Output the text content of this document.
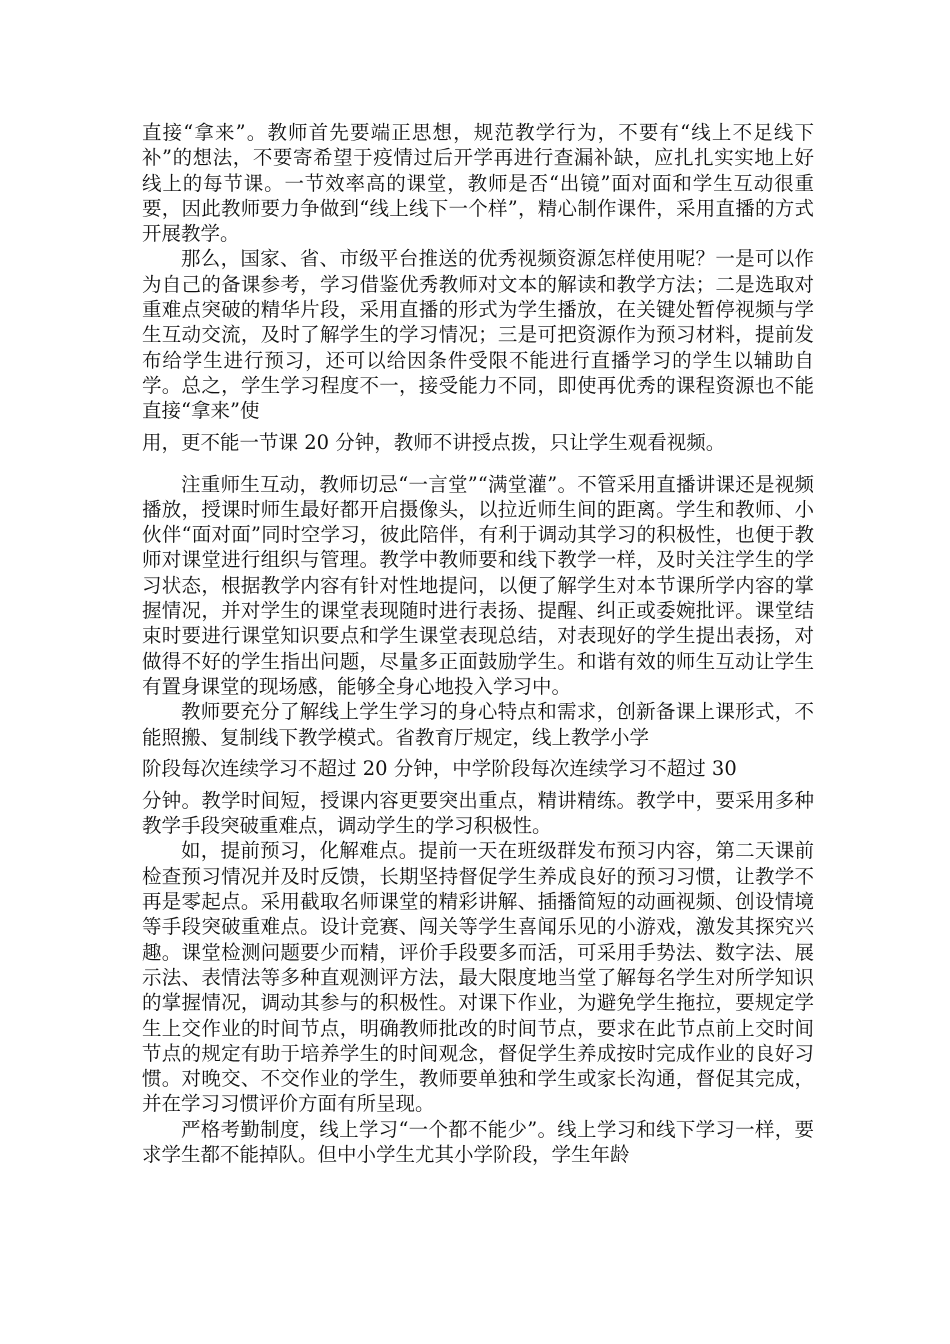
直接“拿来”。教师首先要端正思想，规范教学行为，不要有“线上不足线下补”的想法，不要寄希望于疫情过后开学再进行查漏补缺，应扎扎实实地上好线上的每节课。一节效率高的课堂，教师是否“出镜”面对面和学生互动很重要，因此教师要力争做到“线上线下一个样”，精心制作课件，采用直播的方式开展教学。

那么，国家、省、市级平台推送的优秀视频资源怎样使用呢？一是可以作为自己的备课参考，学习借鉴优秀教师对文本的解读和教学方法；二是选取对重难点突破的精华片段，采用直播的形式为学生播放，在关键处暂停视频与学生互动交流，及时了解学生的学习情况；三是可把资源作为预习材料，提前发布给学生进行预习，还可以给因条件受限不能进行直播学习的学生以辅助自学。总之，学生学习程度不一，接受能力不同，即使再优秀的课程资源也不能直接“拿来”使

用，更不能一节课 20 分钟，教师不讲授点拨，只让学生观看视频。

注重师生互动，教师切忌“一言堂”“满堂灌”。不管采用直播讲课还是视频播放，授课时师生最好都开启摄像头，以拉近师生间的距离。学生和教师、小伙伴“面对面”同时空学习，彼此陪伴，有利于调动其学习的积极性，也便于教师对课堂进行组织与管理。教学中教师要和线下教学一样，及时关注学生的学习状态，根据教学内容有针对性地提问，以便了解学生对本节课所学内容的掌握情况，并对学生的课堂表现随时进行表扬、提醒、纠正或委婉批评。课堂结束时要进行课堂知识要点和学生课堂表现总结，对表现好的学生提出表扬，对做得不好的学生指出问题，尽量多正面鼓励学生。和谐有效的师生互动让学生有置身课堂的现场感，能够全身心地投入学习中。

教师要充分了解线上学生学习的身心特点和需求，创新备课上课形式，不能照搬、复制线下教学模式。省教育厅规定，线上教学小学

阶段每次连续学习不超过 20 分钟，中学阶段每次连续学习不超过 30

分钟。教学时间短，授课内容更要突出重点，精讲精练。教学中，要采用多种教学手段突破重难点，调动学生的学习积极性。

如，提前预习，化解难点。提前一天在班级群发布预习内容，第二天课前检查预习情况并及时反馈，长期坚持督促学生养成良好的预习习惯，让教学不再是零起点。采用截取名师课堂的精彩讲解、插播简短的动画视频、创设情境等手段突破重难点。设计竞赛、闯关等学生喜闻乐见的小游戏，激发其探究兴趣。课堂检测问题要少而精，评价手段要多而活，可采用手势法、数字法、展示法、表情法等多种直观测评方法，最大限度地当堂了解每名学生对所学知识的掌握情况，调动其参与的积极性。对课下作业，为避免学生拖拉，要规定学生上交作业的时间节点，明确教师批改的时间节点，要求在此节点前上交时间节点的规定有助于培养学生的时间观念，督促学生养成按时完成作业的良好习惯。对晚交、不交作业的学生，教师要单独和学生或家长沟通，督促其完成，并在学习习惯评价方面有所呈现。

严格考勤制度，线上学习“一个都不能少”。线上学习和线下学习一样，要求学生都不能掉队。但中小学生尤其小学阶段，学生年龄
